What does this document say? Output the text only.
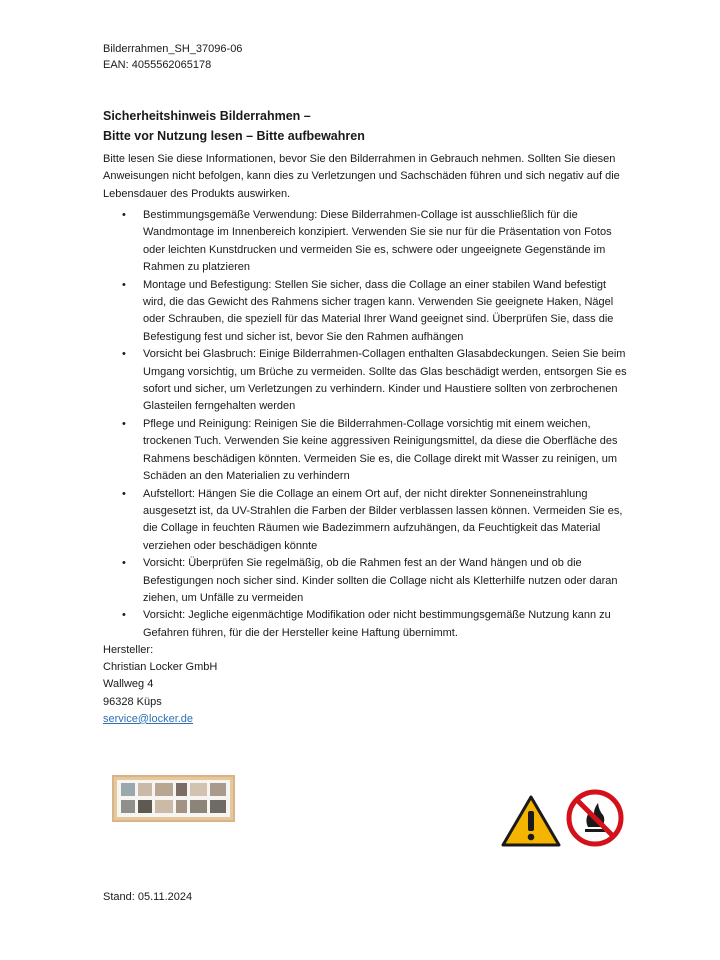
Bilderrahmen_SH_37096-06
EAN: 4055562065178
Sicherheitshinweis Bilderrahmen –
Bitte vor Nutzung lesen – Bitte aufbewahren
Bitte lesen Sie diese Informationen, bevor Sie den Bilderrahmen in Gebrauch nehmen. Sollten Sie diesen Anweisungen nicht befolgen, kann dies zu Verletzungen und Sachschäden führen und sich negativ auf die Lebensdauer des Produkts auswirken.
• Bestimmungsgemäße Verwendung: Diese Bilderrahmen-Collage ist ausschließlich für die Wandmontage im Innenbereich konzipiert. Verwenden Sie sie nur für die Präsentation von Fotos oder leichten Kunstdrucken und vermeiden Sie es, schwere oder ungeeignete Gegenstände im Rahmen zu platzieren
• Montage und Befestigung: Stellen Sie sicher, dass die Collage an einer stabilen Wand befestigt wird, die das Gewicht des Rahmens sicher tragen kann. Verwenden Sie geeignete Haken, Nägel oder Schrauben, die speziell für das Material Ihrer Wand geeignet sind. Überprüfen Sie, dass die Befestigung fest und sicher ist, bevor Sie den Rahmen aufhängen
• Vorsicht bei Glasbruch: Einige Bilderrahmen-Collagen enthalten Glasabdeckungen. Seien Sie beim Umgang vorsichtig, um Brüche zu vermeiden. Sollte das Glas beschädigt werden, entsorgen Sie es sofort und sicher, um Verletzungen zu verhindern. Kinder und Haustiere sollten von zerbrochenen Glasteilen ferngehalten werden
• Pflege und Reinigung: Reinigen Sie die Bilderrahmen-Collage vorsichtig mit einem weichen, trockenen Tuch. Verwenden Sie keine aggressiven Reinigungsmittel, da diese die Oberfläche des Rahmens beschädigen könnten. Vermeiden Sie es, die Collage direkt mit Wasser zu reinigen, um Schäden an den Materialien zu verhindern
• Aufstellort: Hängen Sie die Collage an einem Ort auf, der nicht direkter Sonneneinstrahlung ausgesetzt ist, da UV-Strahlen die Farben der Bilder verblassen lassen können. Vermeiden Sie es, die Collage in feuchten Räumen wie Badezimmern aufzuhängen, da Feuchtigkeit das Material verziehen oder beschädigen könnte
• Vorsicht: Überprüfen Sie regelmäßig, ob die Rahmen fest an der Wand hängen und ob die Befestigungen noch sicher sind. Kinder sollten die Collage nicht als Kletterhilfe nutzen oder daran ziehen, um Unfälle zu vermeiden
• Vorsicht: Jegliche eigenmächtige Modifikation oder nicht bestimmungsgemäße Nutzung kann zu Gefahren führen, für die der Hersteller keine Haftung übernimmt.
Hersteller:
Christian Locker GmbH
Wallweg 4
96328 Küps
service@locker.de
Stand: 05.11.2024
